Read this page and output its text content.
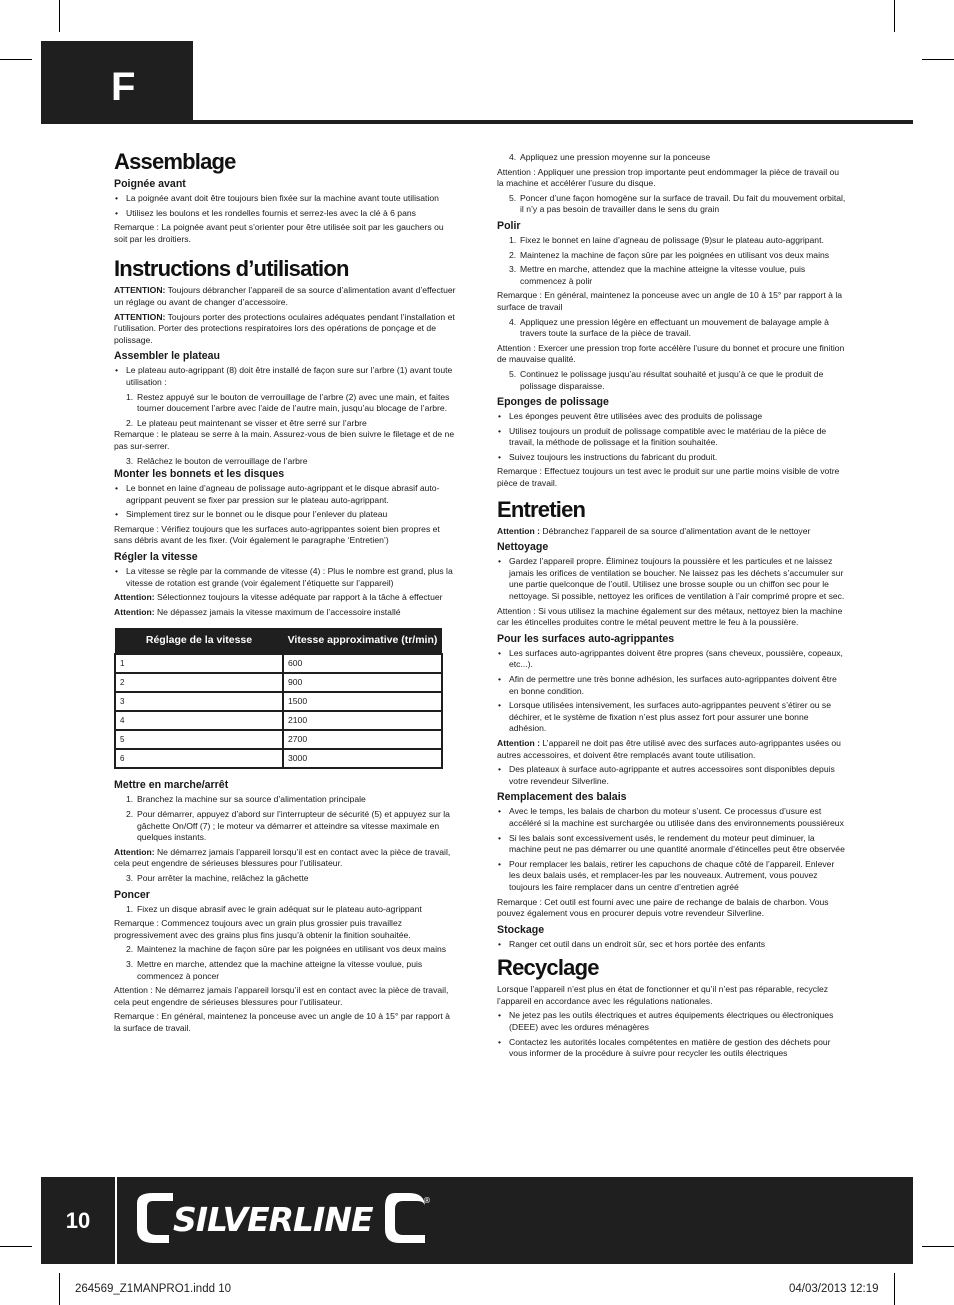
F
Assemblage
Poignée avant
• La poignée avant doit être toujours bien fixée sur la machine avant toute utilisation
• Utilisez les boulons et les rondelles fournis et serrez-les avec la clé à 6 pans

Remarque : La poignée avant peut s’orienter pour être utilisée soit par les gauchers ou soit par les droitiers.

Instructions d’utilisation

ATTENTION: Toujours débrancher l’appareil de sa source d’alimentation avant d’effectuer un réglage ou avant de changer d’accessoire.

ATTENTION: Toujours porter des protections oculaires adéquates pendant l’installation et l’utilisation. Porter des protections respiratoires lors des opérations de ponçage et de polissage.

Assembler le plateau
• Le plateau auto-agrippant (8) doit être installé de façon sure sur l’arbre (1) avant toute utilisation :
1. Restez appuyé sur le bouton de verrouillage de l’arbre (2) avec une main, et faites tourner doucement l’arbre avec l’aide de l’autre main, jusqu’au blocage de l’arbre.
2. Le plateau peut maintenant se visser et être serré sur l’arbre

Remarque : le plateau se serre à la main. Assurez-vous de bien suivre le filetage et de ne pas sur-serrer.

3. Relâchez le bouton de verrouillage de l’arbre
Monter les bonnets et les disques
• Le bonnet en laine d’agneau de polissage auto-agrippant et le disque abrasif auto-agrippant peuvent se fixer par pression sur le plateau auto-agrippant.
• Simplement tirez sur le bonnet ou le disque pour l’enlever du plateau

Remarque : Vérifiez toujours que les surfaces auto-agrippantes soient bien propres et sans débris avant de les fixer. (Voir également le paragraphe ‘Entretien’)

Régler la vitesse
• La vitesse se règle par la commande de vitesse (4) : Plus le nombre est grand, plus la vitesse de rotation est grande (voir également l’étiquette sur l’appareil)

Attention: Sélectionnez toujours la vitesse adéquate par rapport à la tâche à effectuer

Attention: Ne dépassez jamais la vitesse maximum de l’accessoire installé

Réglage de la vitesse	Vitesse approximative (tr/min)
1	600
2	900
3	1500
4	2100
5	2700
6	3000
Mettre en marche/arrêt
1. Branchez la machine sur sa source d’alimentation principale
2. Pour démarrer, appuyez d’abord sur l’interrupteur de sécurité (5) et appuyez sur la gâchette On/Off (7) ; le moteur va démarrer et atteindre sa vitesse maximale en quelques instants.

Attention: Ne démarrez jamais l’appareil lorsqu’il est en contact avec la pièce de travail, cela peut engendre de sérieuses blessures pour l’utilisateur.

3. Pour arrêter la machine, relâchez la gâchette
Poncer
1. Fixez un disque abrasif avec le grain adéquat sur le plateau auto-agrippant

Remarque : Commencez toujours avec un grain plus grossier puis travaillez progressivement avec des grains plus fins jusqu’à obtenir la finition souhaitée.

2. Maintenez la machine de façon sûre par les poignées en utilisant vos deux mains
3. Mettre en marche, attendez que la machine atteigne la vitesse voulue, puis commencez à poncer

Attention : Ne démarrez jamais l’appareil lorsqu’il est en contact avec la pièce de travail, cela peut engendre de sérieuses blessures pour l’utilisateur.

Remarque : En général, maintenez la ponceuse avec un angle de 10 à 15° par rapport à la surface de travail.

4. Appliquez une pression moyenne sur la ponceuse

Attention : Appliquer une pression trop importante peut endommager la pièce de travail ou la machine et accélérer l’usure du disque.

5. Poncer d’une façon homogène sur la surface de travail. Du fait du mouvement orbital, il n’y a pas besoin de travailler dans le sens du grain
Polir
1. Fixez le bonnet en laine d’agneau de polissage (9)sur le plateau auto-aggripant.
2. Maintenez la machine de façon sûre par les poignées en utilisant vos deux mains
3. Mettre en marche, attendez que la machine atteigne la vitesse voulue, puis commencez à polir

Remarque : En général, maintenez la ponceuse avec un angle de 10 à 15° par rapport à la surface de travail

4. Appliquez une pression légère en effectuant un mouvement de balayage ample à travers toute la surface de la pièce de travail.

Attention : Exercer une pression trop forte accélère l’usure du bonnet et procure une finition de mauvaise qualité.

5. Continuez le polissage jusqu’au résultat souhaité et jusqu’à ce que le produit de polissage disparaisse.
Eponges de polissage
• Les éponges peuvent être utilisées avec des produits de polissage
• Utilisez toujours un produit de polissage compatible avec le matériau de la pièce de travail, la méthode de polissage et la finition souhaitée.
• Suivez toujours les instructions du fabricant du produit.

Remarque : Effectuez toujours un test avec le produit sur une partie moins visible de votre pièce de travail.

Entretien

Attention : Débranchez l’appareil de sa source d’alimentation avant de le nettoyer

Nettoyage
• Gardez l’appareil propre. Éliminez toujours la poussière et les particules et ne laissez jamais les orifices de ventilation se boucher. Ne laissez pas les déchets s’accumuler sur une partie quelconque de l’outil. Utilisez une brosse souple ou un chiffon sec pour le nettoyage. Si possible, nettoyez les orifices de ventilation à l’air comprimé propre et sec.

Attention : Si vous utilisez la machine également sur des métaux, nettoyez bien la machine car les étincelles produites contre le métal peuvent mettre le feu à la poussière.

Pour les surfaces auto-agrippantes
• Les surfaces auto-agrippantes doivent être propres (sans cheveux, poussière, copeaux, etc...).
• Afin de permettre une très bonne adhésion, les surfaces auto-agrippantes doivent être en bonne condition.
• Lorsque utilisées intensivement, les surfaces auto-agrippantes peuvent s’étirer ou se déchirer, et le système de fixation n’est plus assez fort pour assurer une bonne adhésion.

Attention : L’appareil ne doit pas être utilisé avec des surfaces auto-agrippantes usées ou autres accessoires, et doivent être remplacés avant toute utilisation.

• Des plateaux à surface auto-agrippante et autres accessoires sont disponibles depuis votre revendeur Silverline.
Remplacement des balais
• Avec le temps, les balais de charbon du moteur s’usent. Ce processus d’usure est accéléré si la machine est surchargée ou utilisée dans des environnements poussiéreux
• Si les balais sont excessivement usés, le rendement du moteur peut diminuer, la machine peut ne pas démarrer ou une quantité anormale d’étincelles peut être observée
• Pour remplacer les balais, retirer les capuchons de chaque côté de l’appareil. Enlever les deux balais usés, et remplacer-les par les nouveaux. Autrement, vous pouvez toujours les faire remplacer dans un centre d’entretien agréé

Remarque : Cet outil est fourni avec une paire de rechange de balais de charbon. Vous pouvez également vous en procurer depuis votre revendeur Silverline.

Stockage
• Ranger cet outil dans un endroit sûr, sec et hors portée des enfants
Recyclage

Lorsque l’appareil n’est plus en état de fonctionner et qu’il n’est pas réparable, recyclez l’appareil en accordance avec les régulations nationales.

• Ne jetez pas les outils électriques et autres équipements électriques ou électroniques (DEEE) avec les ordures ménagères
• Contactez les autorités locales compétentes en matière de gestion des déchets pour vous informer de la procédure à suivre pour recycler les outils électriques
10	SILVERLINE	®
264569_Z1MANPRO1.indd 10	04/03/2013 12:19
